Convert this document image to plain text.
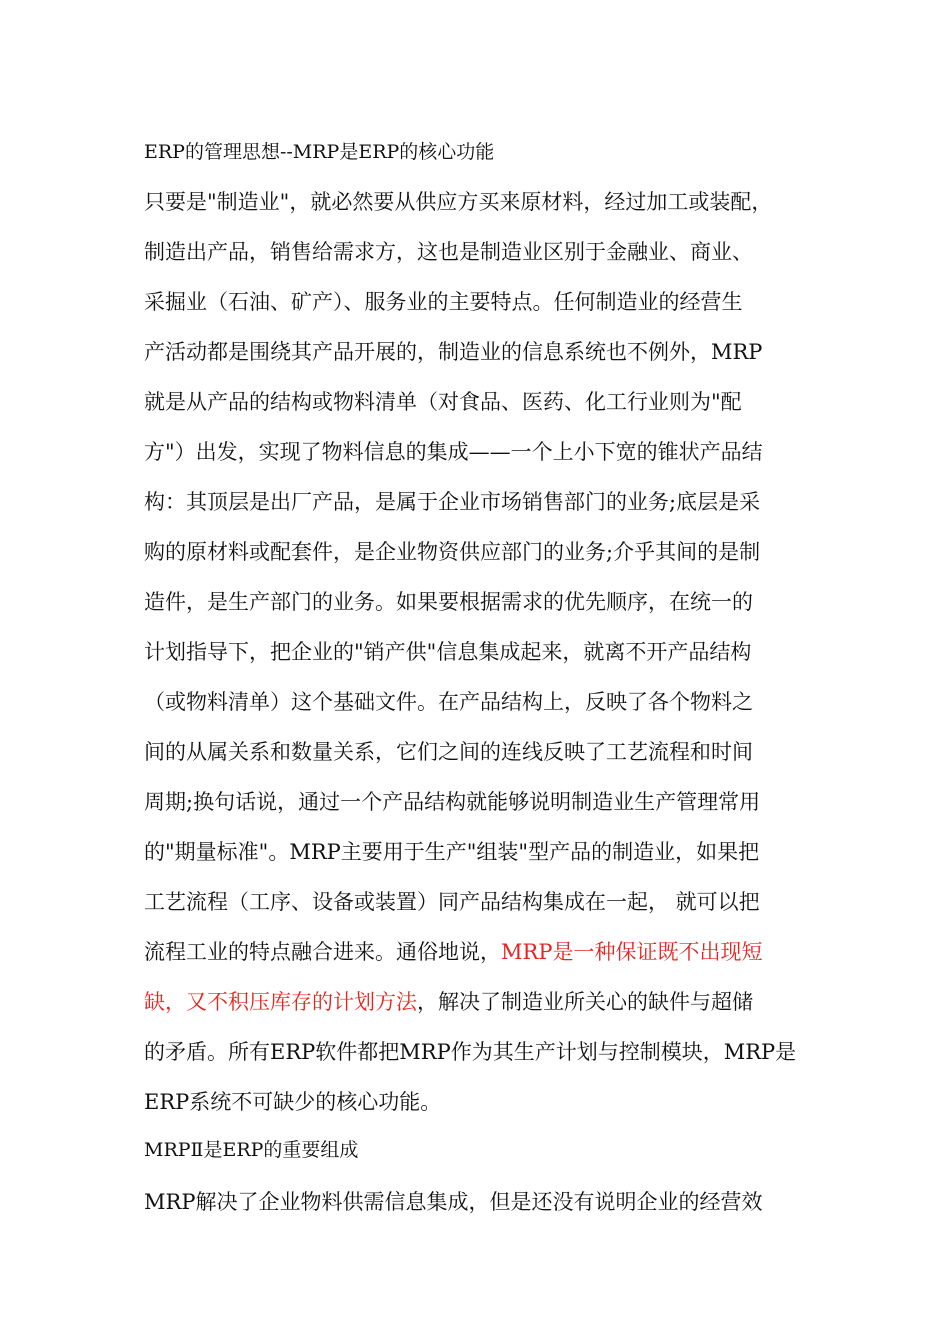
ERP的管理思想--MRP是ERP的核心功能
只要是"制造业"，就必然要从供应方买来原材料，经过加工或装配，
制造出产品，销售给需求方，这也是制造业区别于金融业、商业、
采掘业（石油、矿产）、服务业的主要特点。任何制造业的经营生
产活动都是围绕其产品开展的，制造业的信息系统也不例外，MRP
就是从产品的结构或物料清单（对食品、医药、化工行业则为"配
方"）出发，实现了物料信息的集成——一个上小下宽的锥状产品结
构：其顶层是出厂产品，是属于企业市场销售部门的业务;底层是采
购的原材料或配套件，是企业物资供应部门的业务;介乎其间的是制
造件，是生产部门的业务。如果要根据需求的优先顺序，在统一的
计划指导下，把企业的"销产供"信息集成起来，就离不开产品结构
（或物料清单）这个基础文件。在产品结构上，反映了各个物料之
间的从属关系和数量关系，它们之间的连线反映了工艺流程和时间
周期;换句话说，通过一个产品结构就能够说明制造业生产管理常用
的"期量标准"。MRP主要用于生产"组装"型产品的制造业，如果把
工艺流程（工序、设备或装置）同产品结构集成在一起， 就可以把
流程工业的特点融合进来。通俗地说，MRP是一种保证既不出现短
缺，又不积压库存的计划方法，解决了制造业所关心的缺件与超储
的矛盾。所有ERP软件都把MRP作为其生产计划与控制模块，MRP是
ERP系统不可缺少的核心功能。
MRPⅡ是ERP的重要组成
MRP解决了企业物料供需信息集成，但是还没有说明企业的经营效
